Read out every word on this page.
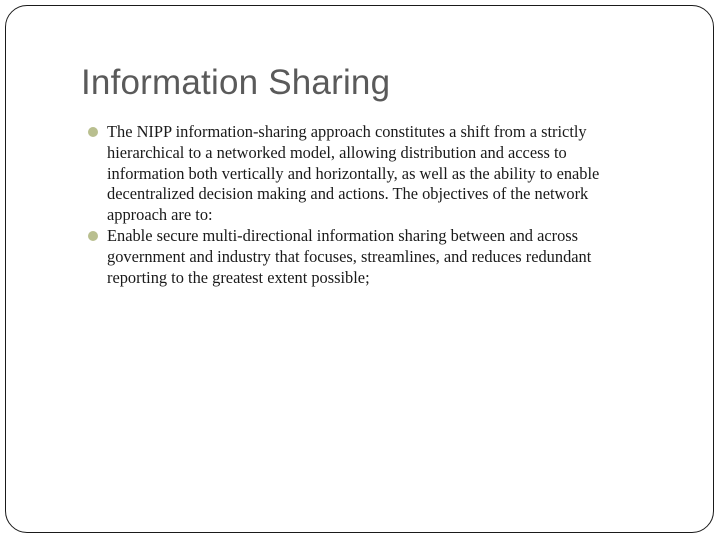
Information Sharing
The NIPP information-sharing approach constitutes a shift from a strictly hierarchical to a networked model, allowing distribution and access to information both vertically and horizontally, as well as the ability to enable decentralized decision making and actions. The objectives of the network approach are to:
Enable secure multi-directional information sharing between and across government and industry that focuses, streamlines, and reduces redundant reporting to the greatest extent possible;
